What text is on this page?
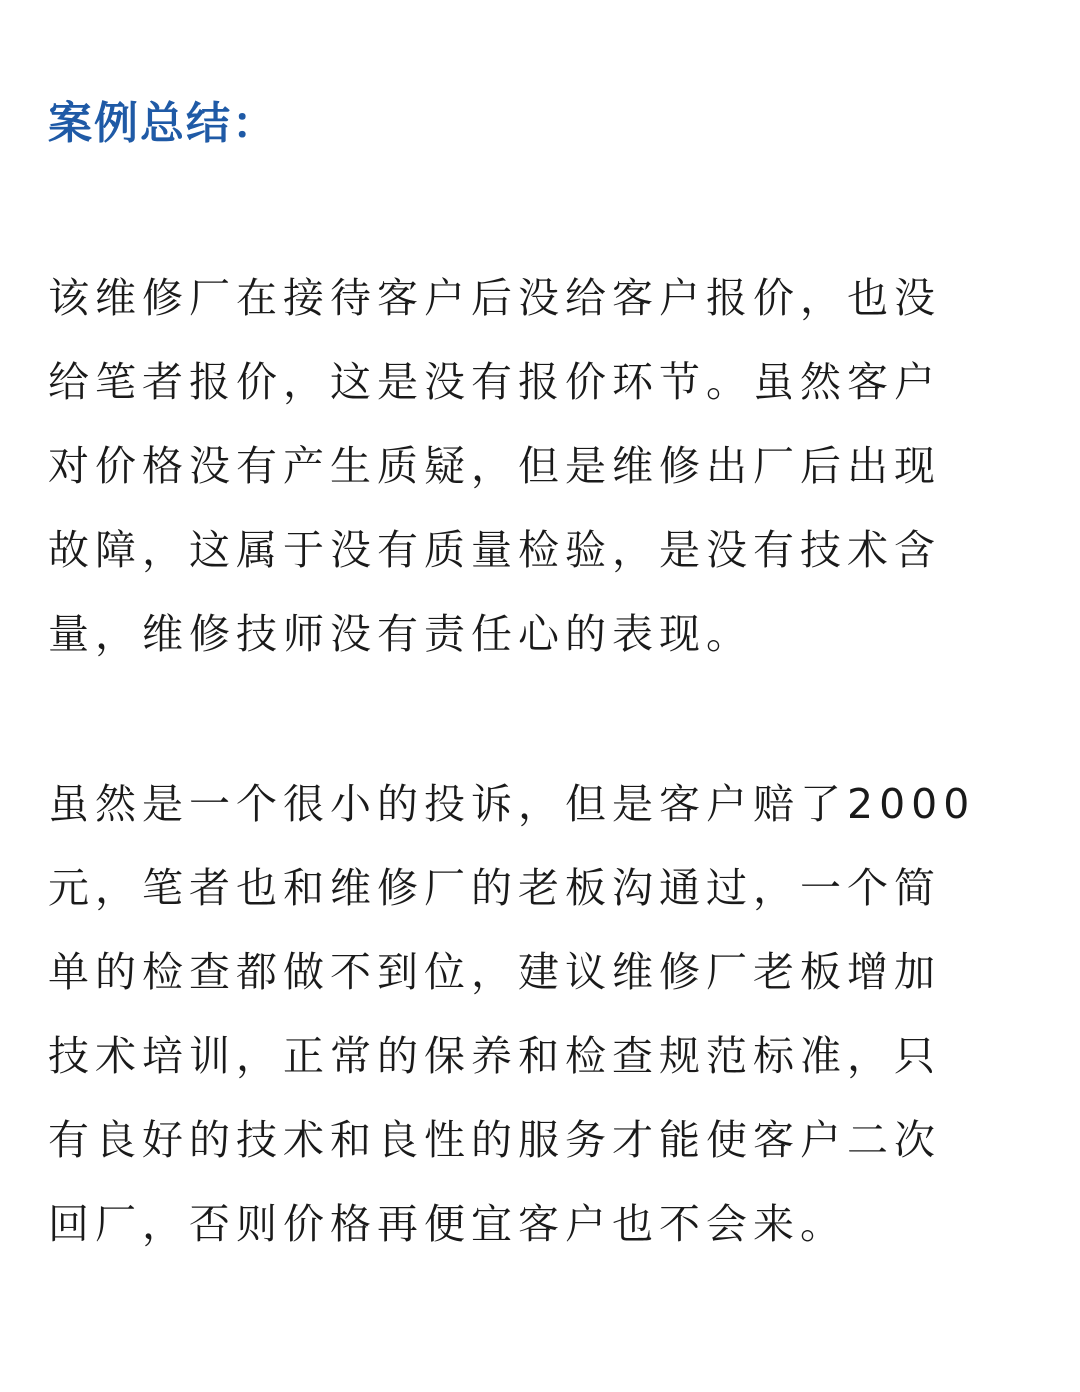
案例总结：

该维修厂在接待客户后没给客户报价，也没
给笔者报价，这是没有报价环节。虽然客户
对价格没有产生质疑，但是维修出厂后出现
故障，这属于没有质量检验，是没有技术含
量，维修技师没有责任心的表现。

虽然是一个很小的投诉，但是客户赔了2000
元，笔者也和维修厂的老板沟通过，一个简
单的检查都做不到位，建议维修厂老板增加
技术培训，正常的保养和检查规范标准，只
有良好的技术和良性的服务才能使客户二次
回厂，否则价格再便宜客户也不会来。
